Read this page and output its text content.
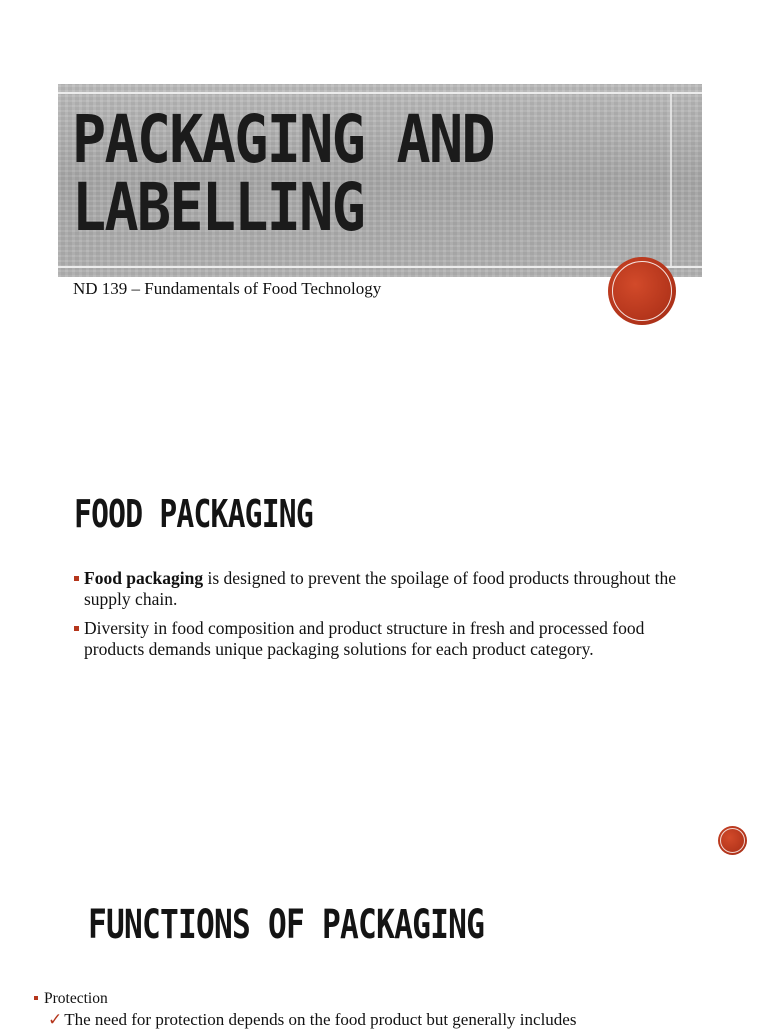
PACKAGING AND
LABELLING

ND 139 – Fundamentals of Food Technology

FOOD PACKAGING
Food packaging is designed to prevent the spoilage of food products throughout the supply chain.
Diversity in food composition and product structure in fresh and processed food products demands unique packaging solutions for each product category.
FUNCTIONS OF PACKAGING
Protection

✓ The need for protection depends on the food product but generally includes
